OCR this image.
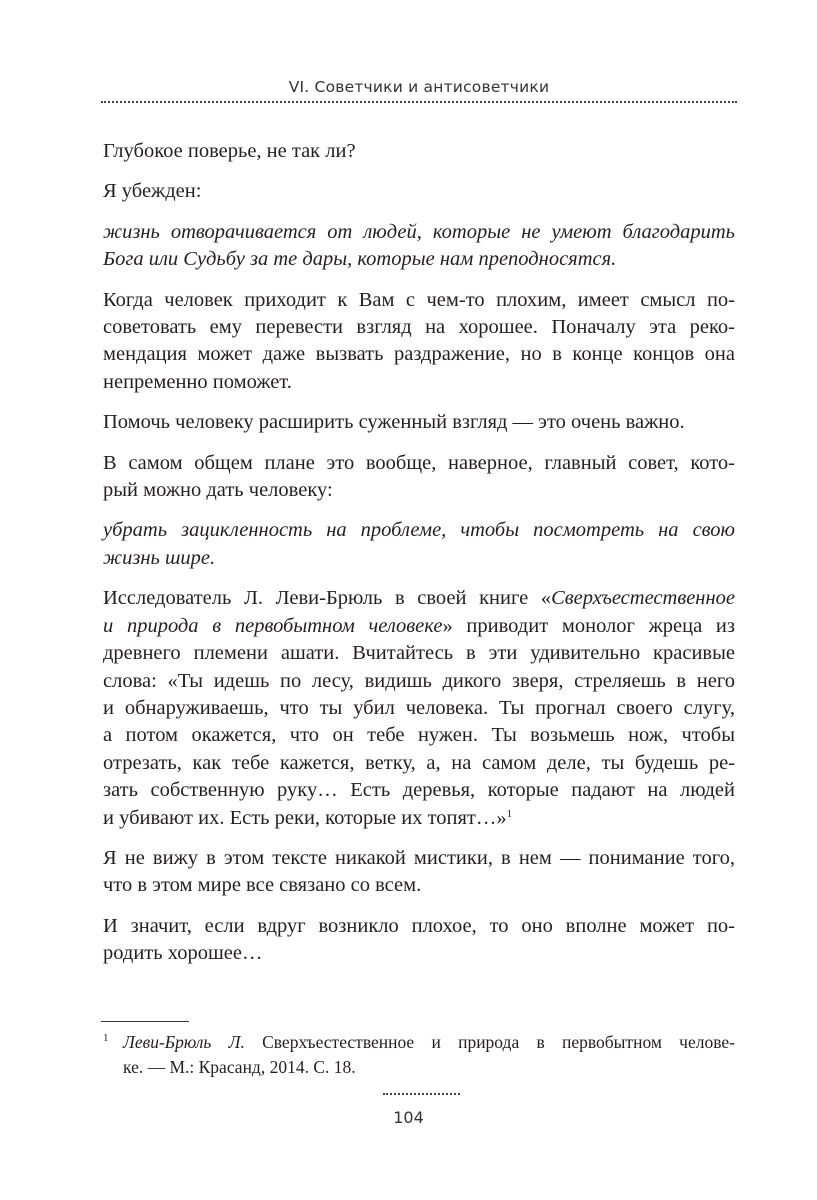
VI. Советчики и антисоветчики
Глубокое поверье, не так ли?
Я убежден:
жизнь отворачивается от людей, которые не умеют благодарить
Бога или Судьбу за те дары, которые нам преподносятся.
Когда человек приходит к Вам с чем-то плохим, имеет смысл по-
советовать ему перевести взгляд на хорошее. Поначалу эта реко-
мендация может даже вызвать раздражение, но в конце концов она
непременно поможет.
Помочь человеку расширить суженный взгляд — это очень важно.
В самом общем плане это вообще, наверное, главный совет, кото-
рый можно дать человеку:
убрать зацикленность на проблеме, чтобы посмотреть на свою
жизнь шире.
Исследователь Л. Леви-Брюль в своей книге «Сверхъестественное
и природа в первобытном человеке» приводит монолог жреца из
древнего племени ашати. Вчитайтесь в эти удивительно красивые
слова: «Ты идешь по лесу, видишь дикого зверя, стреляешь в него
и обнаруживаешь, что ты убил человека. Ты прогнал своего слугу,
а потом окажется, что он тебе нужен. Ты возьмешь нож, чтобы
отрезать, как тебе кажется, ветку, а, на самом деле, ты будешь ре-
зать собственную руку… Есть деревья, которые падают на людей
и убивают их. Есть реки, которые их топят…»$^1$
Я не вижу в этом тексте никакой мистики, в нем — понимание того,
что в этом мире все связано со всем.
И значит, если вдруг возникло плохое, то оно вполне может по-
родить хорошее…
1 Леви-Брюль Л. Сверхъестественное и природа в первобытном челове-
ке. — М.: Красанд, 2014. С. 18.
104
